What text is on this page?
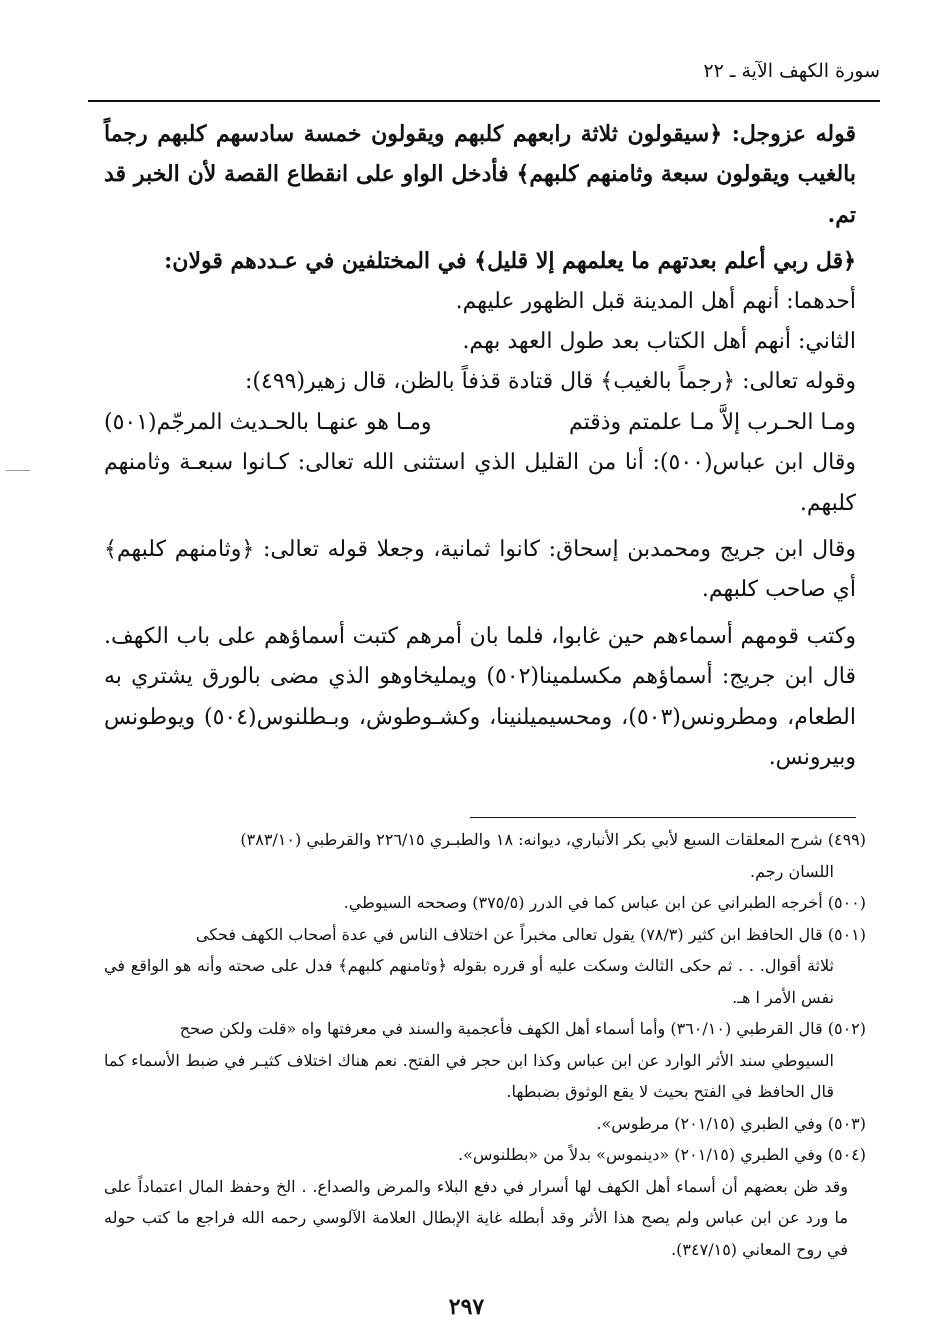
سورة الكهف الآية ـ ٢٢

قوله عزوجل: ﴿سيقولون ثلاثة رابعهم كلبهم ويقولون خمسة سادسهم كلبهم رجماً بالغيب ويقولون سبعة وثامنهم كلبهم﴾ فأدخل الواو على انقطاع القصة لأن الخبر قد تم.

﴿قل ربي أعلم بعدتهم ما يعلمهم إلا قليل﴾ في المختلفين في عـددهم قولان:

أحدهما: أنهم أهل المدينة قبل الظهور عليهم.

الثاني: أنهم أهل الكتاب بعد طول العهد بهم.

وقوله تعالى: ﴿رجماً بالغيب﴾ قال قتادة قذفاً بالظن، قال زهير(٤٩٩):

ومـا الحـرب إلاَّ مـا علمتم وذقتم
ومـا هو عنهـا بالحـديث المرجّم(٥٠١)

وقال ابن عباس(٥٠٠): أنا من القليل الذي استثنى الله تعالى: كـانوا سبعـة وثامنهم كلبهم.

وقال ابن جريج ومحمدبن إسحاق: كانوا ثمانية، وجعلا قوله تعالى: ﴿وثامنهم كلبهم﴾ أي صاحب كلبهم.

وكتب قومهم أسماءهم حين غابوا، فلما بان أمرهم كتبت أسماؤهم على باب الكهف. قال ابن جريج: أسماؤهم مكسلمينا(٥٠٢) ويمليخاوهو الذي مضى بالورق يشتري به الطعام، ومطرونس(٥٠٣)، ومحسيميلنينا، وكشـوطوش، وبـطلنوس(٥٠٤) ويوطونس وبيرونس.

(٤٩٩) شرح المعلقات السبع لأبي بكر الأنباري، ديوانه: ١٨ والطبـري ٢٢٦/١٥ والقرطبي (٣٨٣/١٠)

اللسان رجم.

(٥٠٠) أخرجه الطبراني عن ابن عباس كما في الدرر (٣٧٥/٥) وصححه السيوطي.

(٥٠١) قال الحافظ ابن كثير (٧٨/٣) يقول تعالى مخبراً عن اختلاف الناس في عدة أصحاب الكهف فحكى

ثلاثة أقوال. . . ثم حكى الثالث وسكت عليه أو قرره بقوله ﴿وثامنهم كلبهم﴾ فدل على صحته وأنه هو الواقع في نفس الأمر ا هـ.

(٥٠٢) قال القرطبي (٣٦٠/١٠) وأما أسماء أهل الكهف فأعجمية والسند في معرفتها واه «قلت ولكن صحح

السيوطي سند الأثر الوارد عن ابن عباس وكذا ابن حجر في الفتح. نعم هناك اختلاف كثيـر في ضبط الأسماء كما قال الحافظ في الفتح بحيث لا يقع الوثوق بضبطها.

(٥٠٣) وفي الطبري (٢٠١/١٥) مرطوس».

(٥٠٤) وفي الطبري (٢٠١/١٥) «دينموس» بدلاً من «بطلنوس».

وقد ظن بعضهم أن أسماء أهل الكهف لها أسرار في دفع البلاء والمرض والصداع. . الخ وحفظ المال اعتماداً على ما ورد عن ابن عباس ولم يصح هذا الأثر وقد أبطله غاية الإبطال العلامة الآلوسي رحمه الله فراجع ما كتب حوله في روح المعاني (٣٤٧/١٥).

٢٩٧
